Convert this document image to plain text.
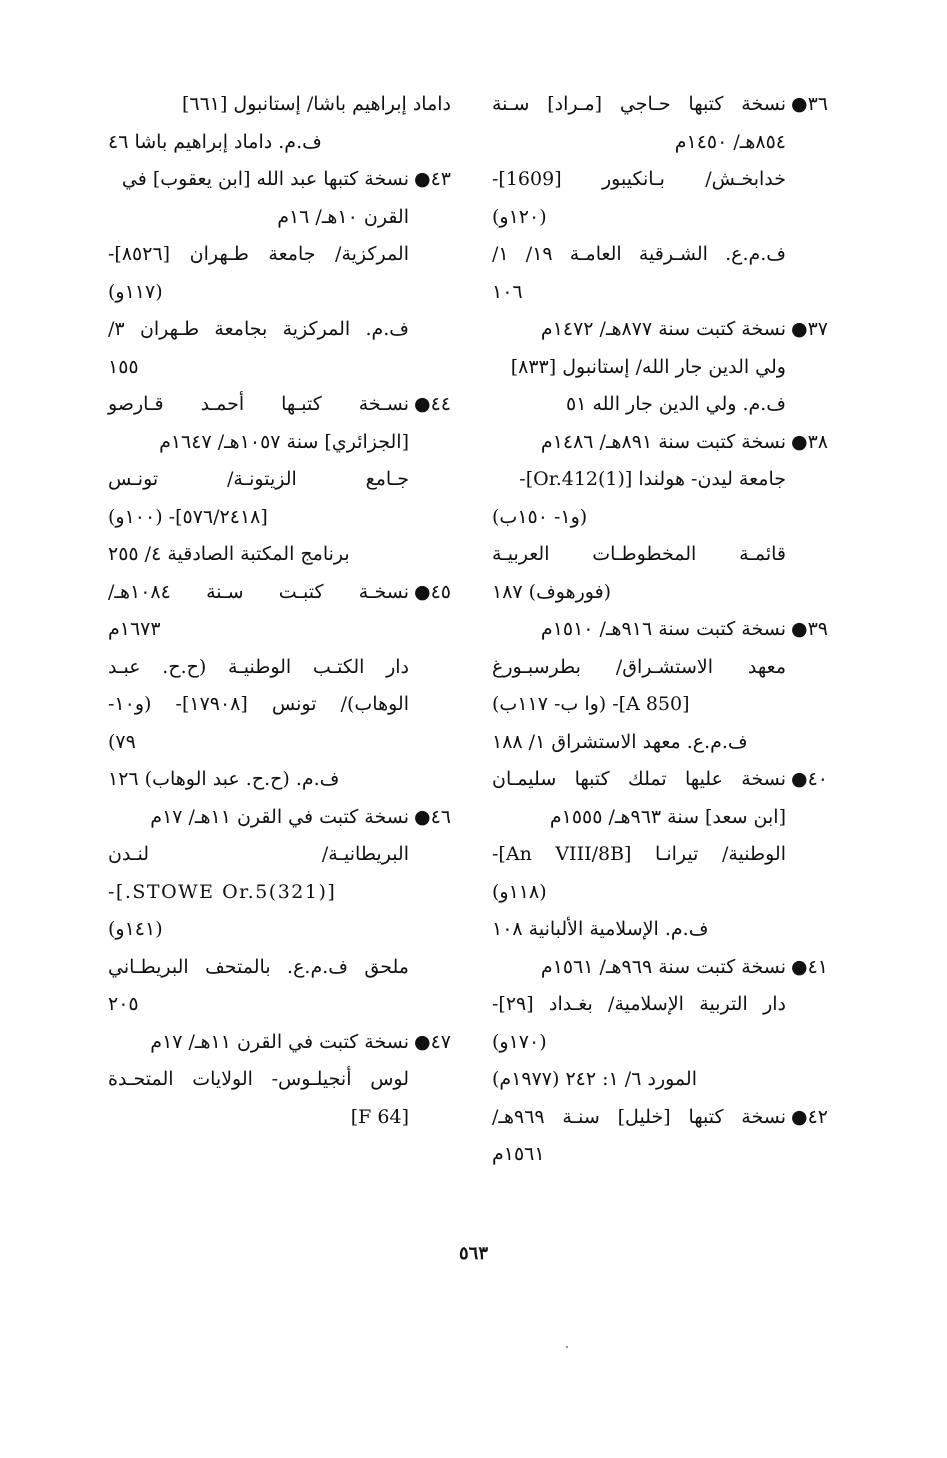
٣٦●
نسخة كتبها حـاجي [مـراد] سـنة
٨٥٤هـ/ ١٤٥٠م
خدابخـش/ بـانكيبور [1609]-
(١٢٠و)
ف.م.ع. الشـرقية العامـة ١٩/ ١/
١٠٦
٣٧●
نسخة كتبت سنة ٨٧٧هـ/ ١٤٧٢م
ولي الدين جار الله/ إستانبول [٨٣٣]
ف.م. ولي الدين جار الله ٥١
٣٨●
نسخة كتبت سنة ٨٩١هـ/ ١٤٨٦م
جامعة ليدن- هولندا [Or.412(1)]-
(و١- ١٥٠ب)
قائمـة المخطوطـات العربيـة
(فورهوف) ١٨٧
٣٩●
نسخة كتبت سنة ٩١٦هـ/ ١٥١٠م
معهد الاستشـراق/ بطرسبـورغ
[A 850]- (وا ب- ١١٧ب)
ف.م.ع. معهد الاستشراق ١/ ١٨٨
٤٠●
نسخة عليها تملك كتبها سليمـان
[ابن سعد] سنة ٩٦٣هـ/ ١٥٥٥م
الوطنية/ تيرانـا [An VIII/8B]-
(١١٨و)
ف.م. الإسلامية الألبانية ١٠٨
٤١●
نسخة كتبت سنة ٩٦٩هـ/ ١٥٦١م
دار التربية الإسلامية/ بغـداد [٢٩]-
(١٧٠و)
المورد ٦/ ١: ٢٤٢ (١٩٧٧م)
٤٢●
نسخة كتبها [خليل] سنـة ٩٦٩هـ/
١٥٦١م
داماد إبراهيم باشا/ إستانبول [٦٦١]
ف.م. داماد إبراهيم باشا ٤٦
٤٣●
نسخة كتبها عبد الله [ابن يعقوب] في
القرن ١٠هـ/ ١٦م
المركزية/ جامعة طـهران [٨٥٢٦]-
(١١٧و)
ف.م. المركزية بجامعة طـهران ٣/
١٥٥
٤٤●
نسـخة كتبـها أحمـد قـارصو
[الجزائري] سنة ١٠٥٧هـ/ ١٦٤٧م
جـامع الزيتونـة/ تونـس
[٥٧٦/٢٤١٨]- (١٠٠و)
برنامج المكتبة الصادقية ٤/ ٢٥٥
٤٥●
نسخـة كتبـت سـنة ١٠٨٤هـ/
١٦٧٣م
دار الكتـب الوطنيـة (ح.ح. عبـد
الوهاب)/ تونس [١٧٩٠٨]- (و١٠-
٧٩)
ف.م. (ح.ح. عبد الوهاب) ١٢٦
٤٦●
نسخة كتبت في القرن ١١هـ/ ١٧م
البريطانيـة/ لنـدن
[(321)STOWE Or.5.]-
(١٤١و)
ملحق ف.م.ع. بالمتحف البريطـاني
٢٠٥
٤٧●
نسخة كتبت في القرن ١١هـ/ ١٧م
لوس أنجيلـوس- الولايات المتحـدة
[F 64]
٥٦٣
